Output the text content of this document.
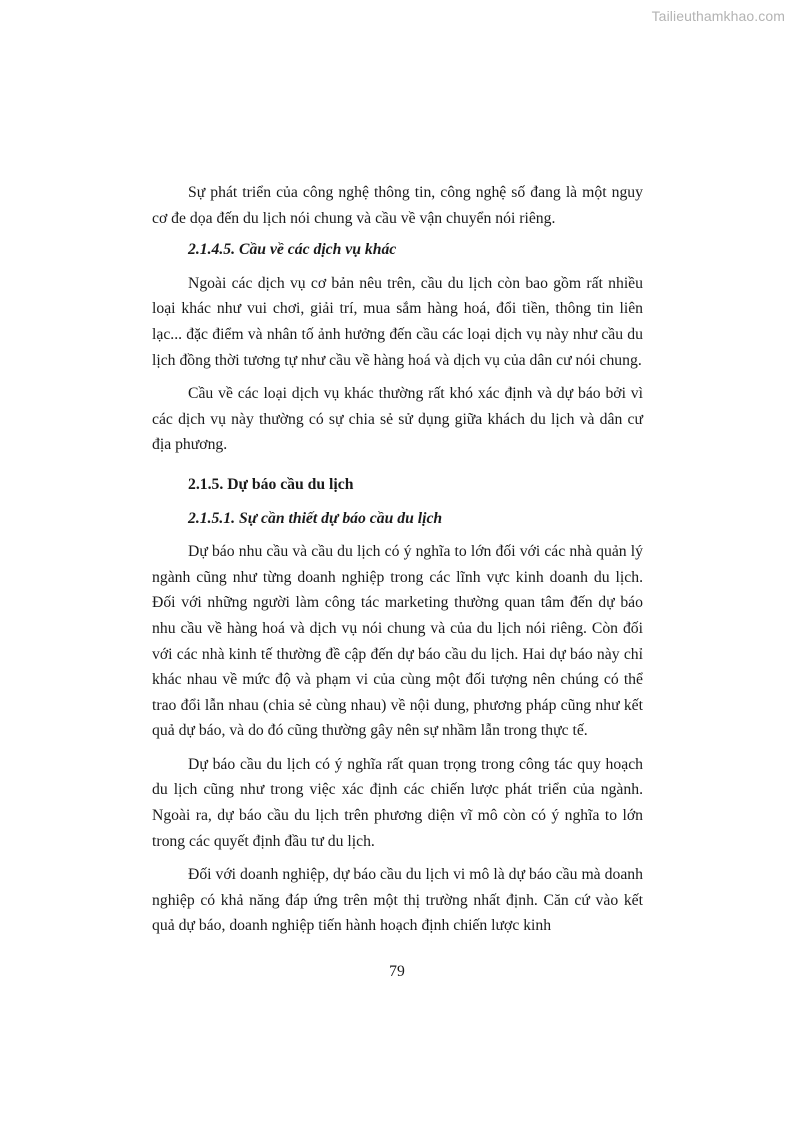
Tailieuthamkhao.com

Sự phát triển của công nghệ thông tin, công nghệ số đang là một nguy cơ đe dọa đến du lịch nói chung và cầu về vận chuyển nói riêng.

2.1.4.5. Cầu về các dịch vụ khác

Ngoài các dịch vụ cơ bản nêu trên, cầu du lịch còn bao gồm rất nhiều loại khác như vui chơi, giải trí, mua sắm hàng hoá, đổi tiền, thông tin liên lạc... đặc điểm và nhân tố ảnh hưởng đến cầu các loại dịch vụ này như cầu du lịch đồng thời tương tự như cầu về hàng hoá và dịch vụ của dân cư nói chung.

Cầu về các loại dịch vụ khác thường rất khó xác định và dự báo bởi vì các dịch vụ này thường có sự chia sẻ sử dụng giữa khách du lịch và dân cư địa phương.

2.1.5. Dự báo cầu du lịch
2.1.5.1. Sự cần thiết dự báo cầu du lịch

Dự báo nhu cầu và cầu du lịch có ý nghĩa to lớn đối với các nhà quản lý ngành cũng như từng doanh nghiệp trong các lĩnh vực kinh doanh du lịch. Đối với những người làm công tác marketing thường quan tâm đến dự báo nhu cầu về hàng hoá và dịch vụ nói chung và của du lịch nói riêng. Còn đối với các nhà kinh tế thường đề cập đến dự báo cầu du lịch. Hai dự báo này chỉ khác nhau về mức độ và phạm vi của cùng một đối tượng nên chúng có thể trao đổi lẫn nhau (chia sẻ cùng nhau) về nội dung, phương pháp cũng như kết quả dự báo, và do đó cũng thường gây nên sự nhầm lẫn trong thực tế.

Dự báo cầu du lịch có ý nghĩa rất quan trọng trong công tác quy hoạch du lịch cũng như trong việc xác định các chiến lược phát triển của ngành. Ngoài ra, dự báo cầu du lịch trên phương diện vĩ mô còn có ý nghĩa to lớn trong các quyết định đầu tư du lịch.

Đối với doanh nghiệp, dự báo cầu du lịch vi mô là dự báo cầu mà doanh nghiệp có khả năng đáp ứng trên một thị trường nhất định. Căn cứ vào kết quả dự báo, doanh nghiệp tiến hành hoạch định chiến lược kinh

79
